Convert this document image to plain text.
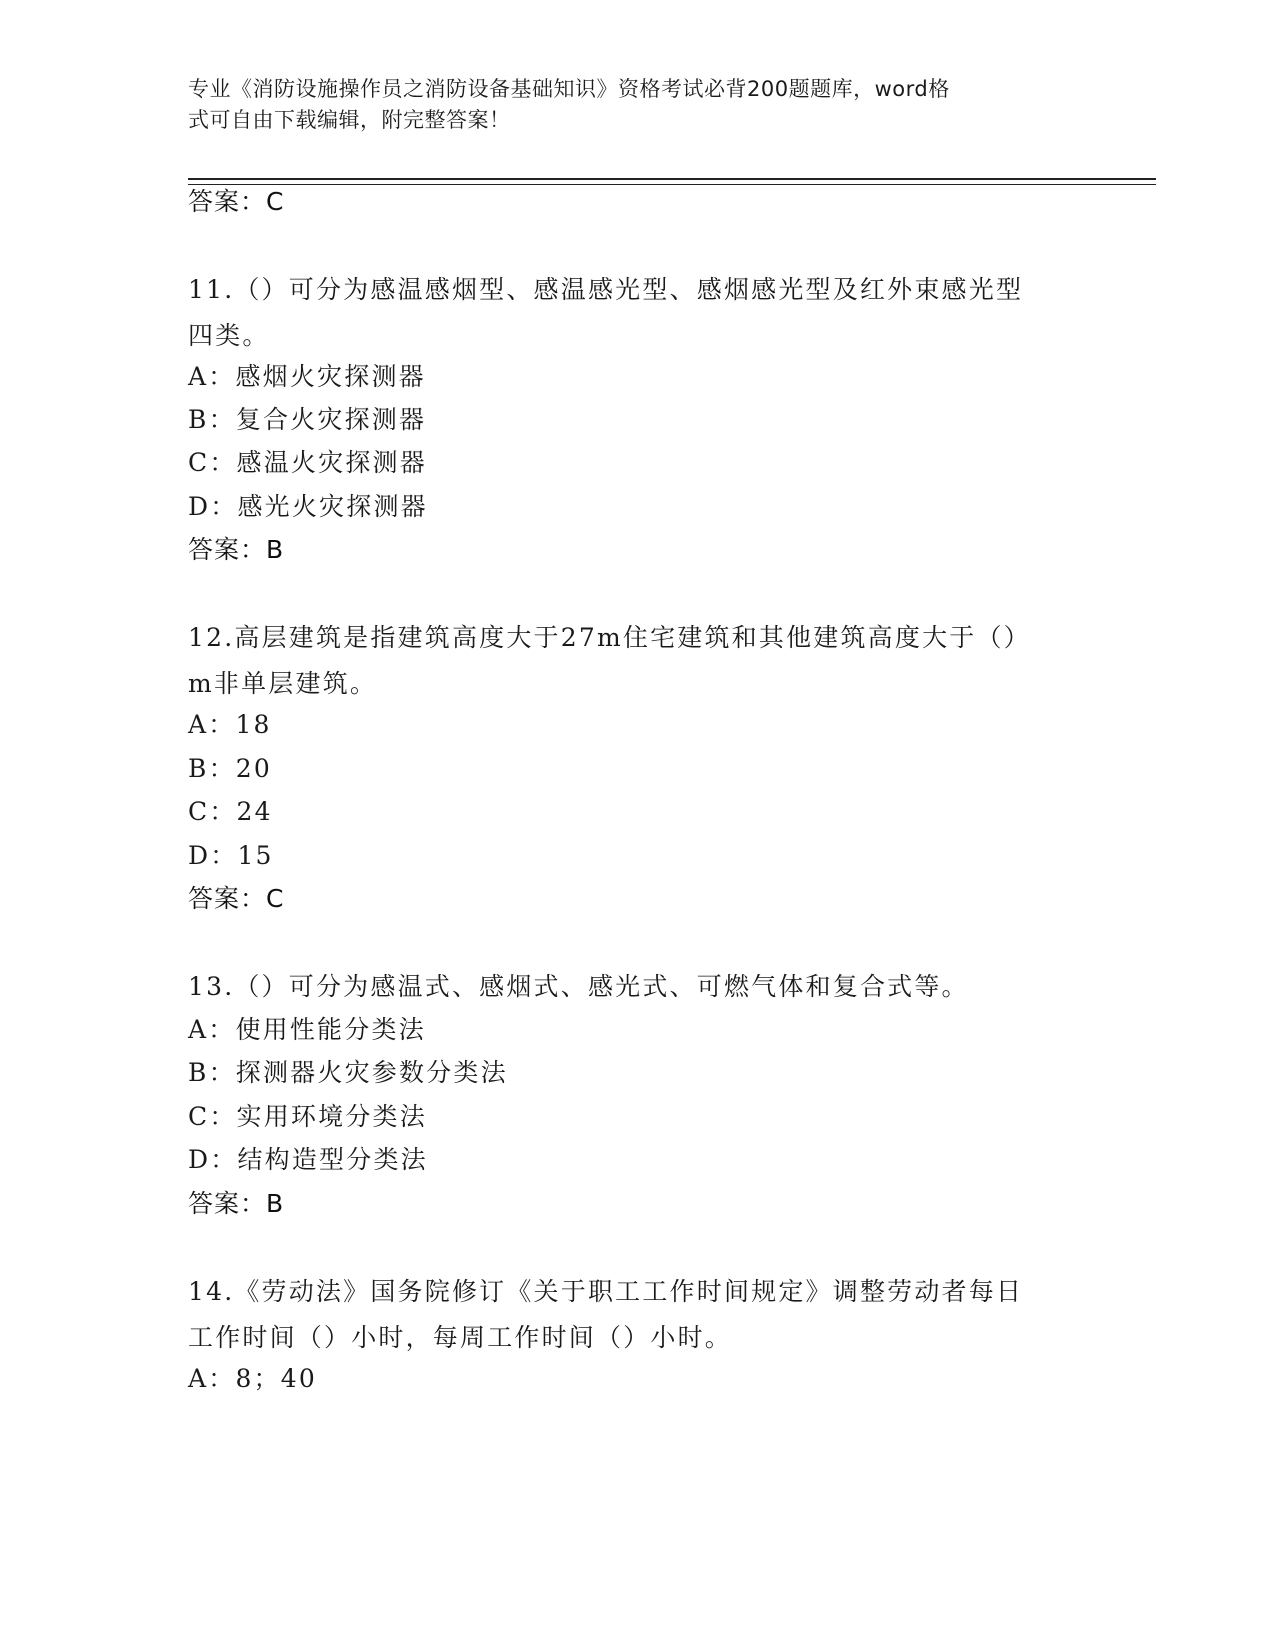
专业《消防设施操作员之消防设备基础知识》资格考试必背200题题库，word格
式可自由下载编辑，附完整答案！
答案：C
11.（）可分为感温感烟型、感温感光型、感烟感光型及红外束感光型
四类。
A：感烟火灾探测器
B：复合火灾探测器
C：感温火灾探测器
D：感光火灾探测器
答案：B
12.高层建筑是指建筑高度大于27m住宅建筑和其他建筑高度大于（）
m非单层建筑。
A：18
B：20
C：24
D：15
答案：C
13.（）可分为感温式、感烟式、感光式、可燃气体和复合式等。
A：使用性能分类法
B：探测器火灾参数分类法
C：实用环境分类法
D：结构造型分类法
答案：B
14.《劳动法》国务院修订《关于职工工作时间规定》调整劳动者每日
工作时间（）小时，每周工作时间（）小时。
A：8；40
